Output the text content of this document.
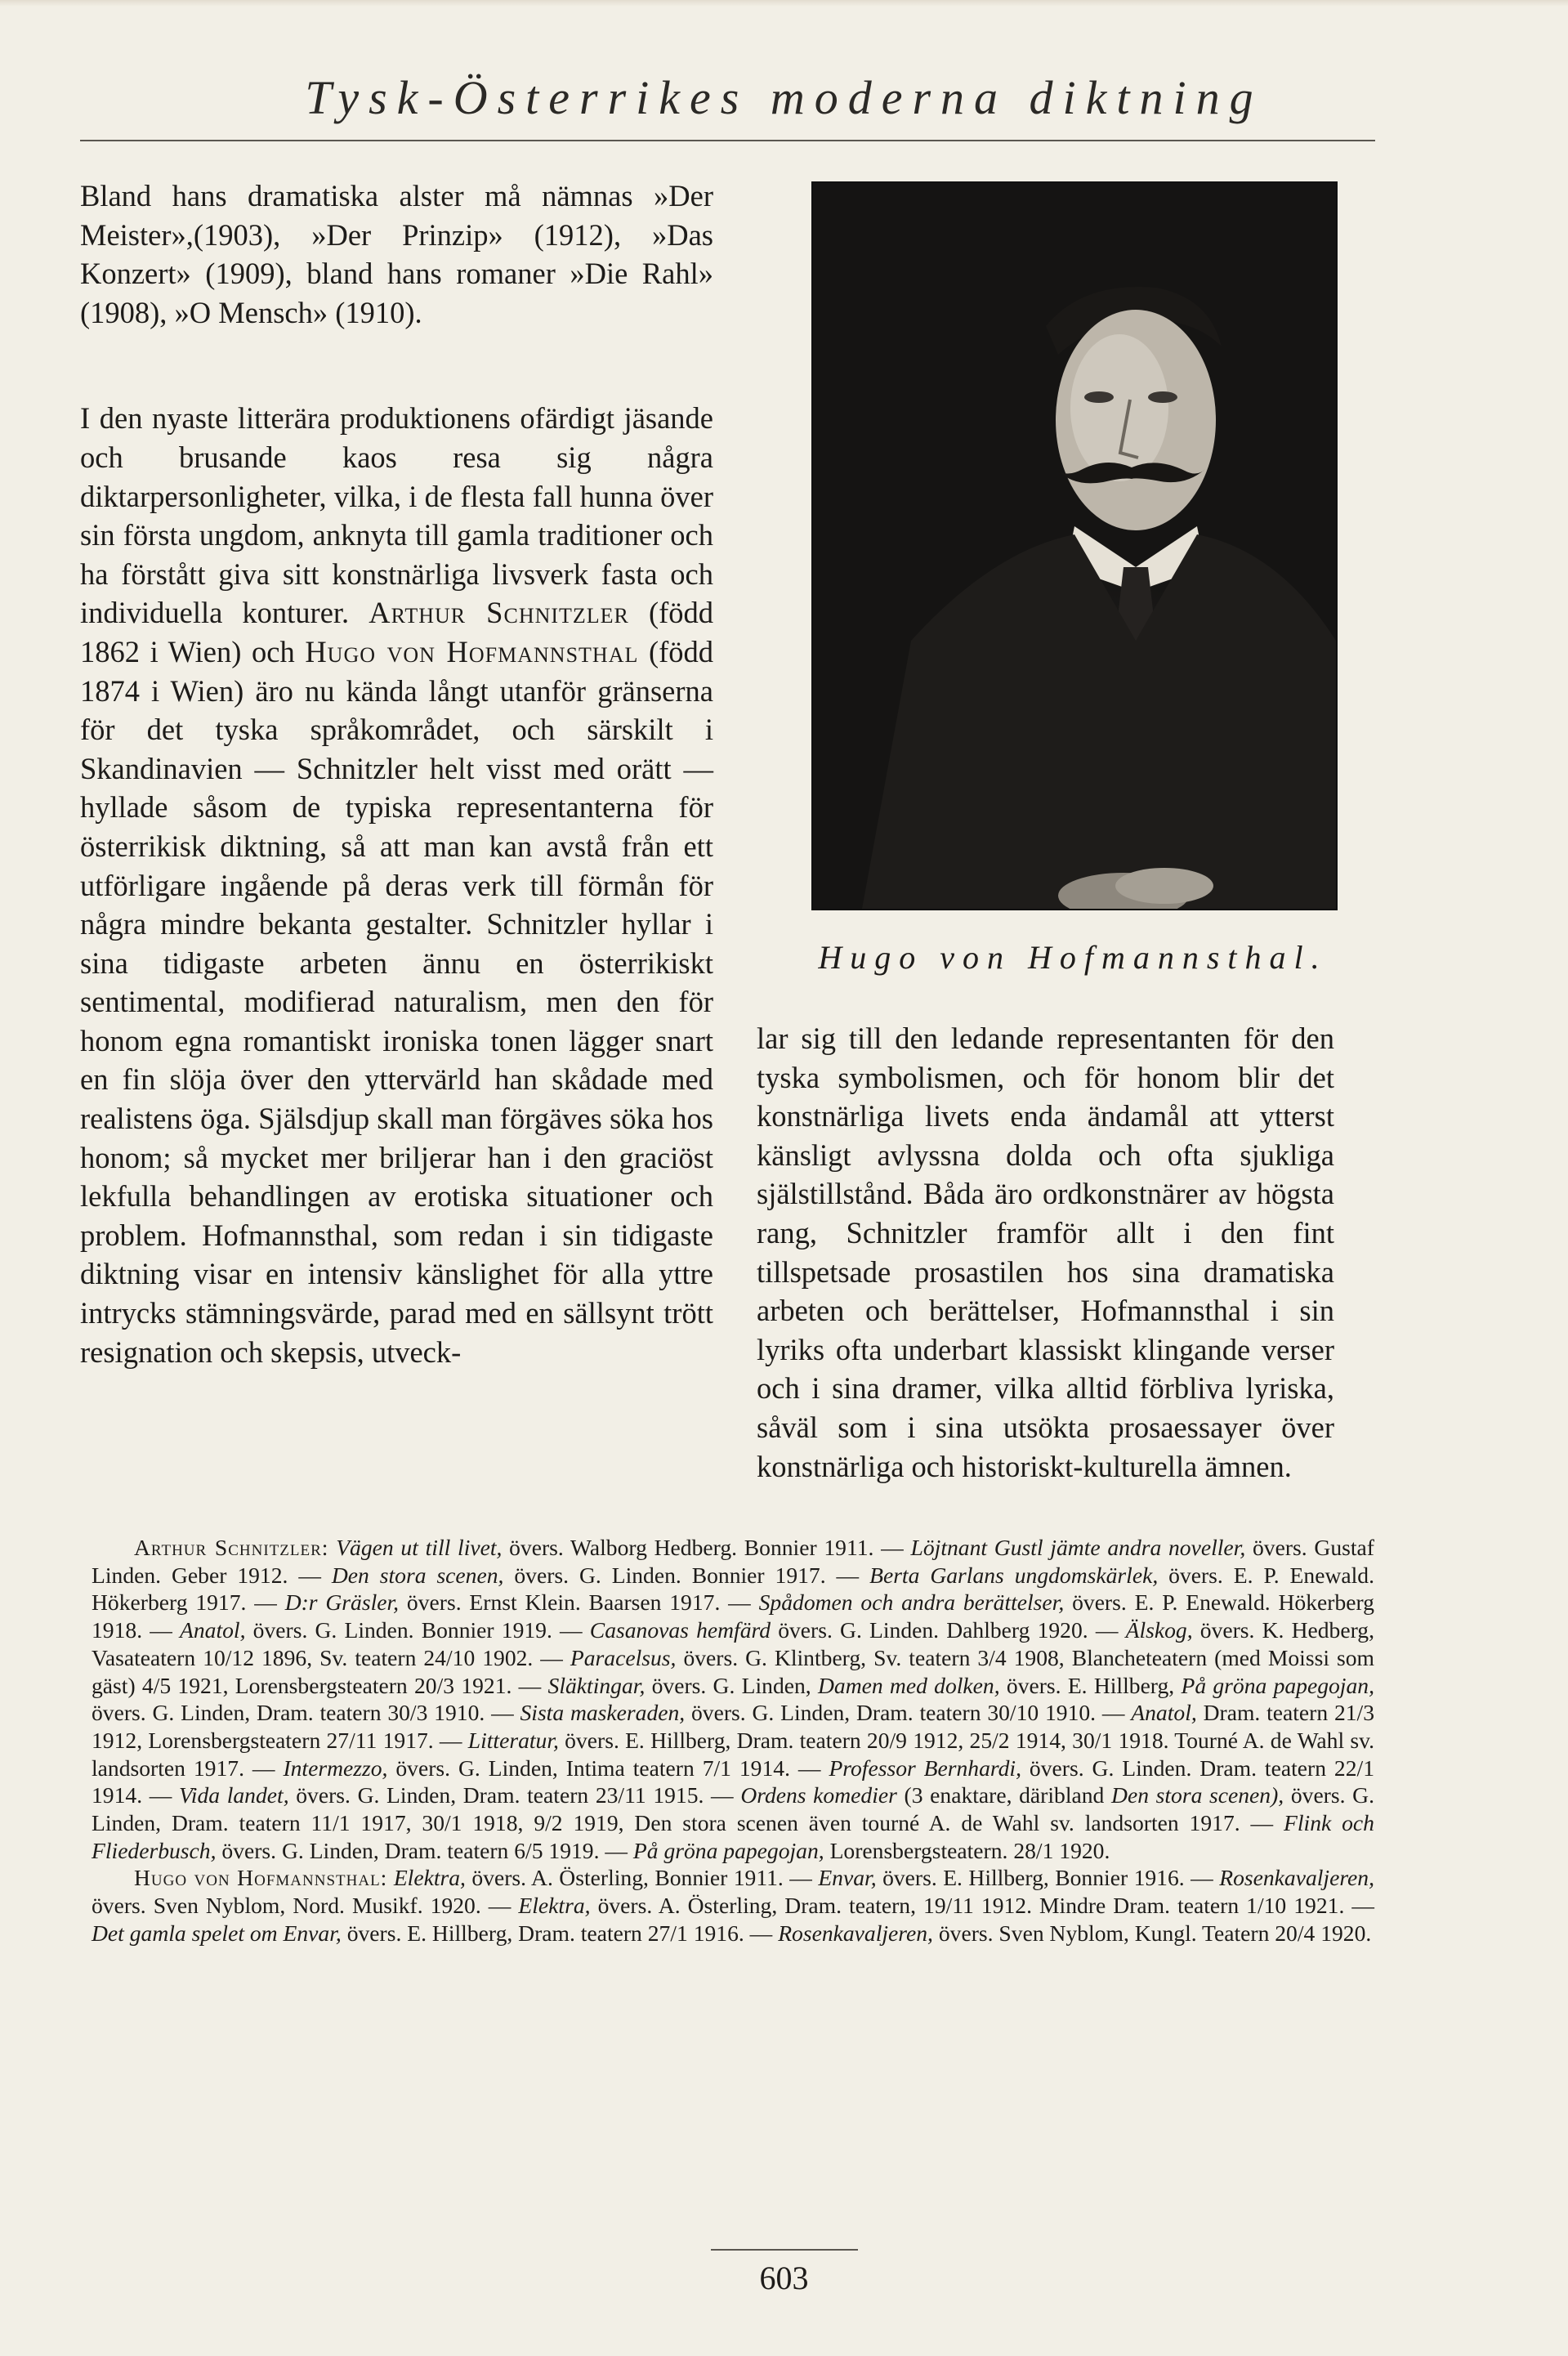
Tysk-Österrikes moderna diktning

Bland hans dramatiska alster må nämnas »Der Meister»,(1903), »Der Prinzip» (1912), »Das Konzert» (1909), bland hans romaner »Die Rahl» (1908), »O Mensch» (1910).

I den nyaste litterära produktionens ofärdigt jäsande och brusande kaos resa sig några diktarpersonligheter, vilka, i de flesta fall hunna över sin första ungdom, anknyta till gamla traditioner och ha förstått giva sitt konstnärliga livsverk fasta och individuella konturer. Arthur Schnitzler (född 1862 i Wien) och Hugo von Hofmannsthal (född 1874 i Wien) äro nu kända långt utanför gränserna för det tyska språkområdet, och särskilt i Skandinavien — Schnitzler helt visst med orätt — hyllade såsom de typiska representanterna för österrikisk diktning, så att man kan avstå från ett utförligare ingående på deras verk till förmån för några mindre bekanta gestalter. Schnitzler hyllar i sina tidigaste arbeten ännu en österrikiskt sentimental, modifierad naturalism, men den för honom egna romantiskt ironiska tonen lägger snart en fin slöja över den yttervärld han skådade med realistens öga. Själsdjup skall man förgäves söka hos honom; så mycket mer briljerar han i den graciöst lekfulla behandlingen av erotiska situationer och problem. Hofmannsthal, som redan i sin tidigaste diktning visar en intensiv känslighet för alla yttre intrycks stämningsvärde, parad med en sällsynt trött resignation och skepsis, utveck-

Hugo von Hofmannsthal.

lar sig till den ledande representanten för den tyska symbolismen, och för honom blir det konstnärliga livets enda ändamål att ytterst känsligt avlyssna dolda och ofta sjukliga själstillstånd. Båda äro ordkonstnärer av högsta rang, Schnitzler framför allt i den fint tillspetsade prosastilen hos sina dramatiska arbeten och berättelser, Hofmannsthal i sin lyriks ofta underbart klassiskt klingande verser och i sina dramer, vilka alltid förbliva lyriska, såväl som i sina utsökta prosaessayer över konstnärliga och historiskt-kulturella ämnen.

Arthur Schnitzler: Vägen ut till livet, övers. Walborg Hedberg. Bonnier 1911. — Löjtnant Gustl jämte andra noveller, övers. Gustaf Linden. Geber 1912. — Den stora scenen, övers. G. Linden. Bonnier 1917. — Berta Garlans ungdomskärlek, övers. E. P. Enewald. Hökerberg 1917. — D:r Gräsler, övers. Ernst Klein. Baarsen 1917. — Spådomen och andra berättelser, övers. E. P. Enewald. Hökerberg 1918. — Anatol, övers. G. Linden. Bonnier 1919. — Casanovas hemfärd övers. G. Linden. Dahlberg 1920. — Älskog, övers. K. Hedberg, Vasateatern 10/12 1896, Sv. teatern 24/10 1902. — Paracelsus, övers. G. Klintberg, Sv. teatern 3/4 1908, Blancheteatern (med Moissi som gäst) 4/5 1921, Lorensbergsteatern 20/3 1921. — Släktingar, övers. G. Linden, Damen med dolken, övers. E. Hillberg, På gröna papegojan, övers. G. Linden, Dram. teatern 30/3 1910. — Sista maskeraden, övers. G. Linden, Dram. teatern 30/10 1910. — Anatol, Dram. teatern 21/3 1912, Lorensbergsteatern 27/11 1917. — Litteratur, övers. E. Hillberg, Dram. teatern 20/9 1912, 25/2 1914, 30/1 1918. Tourné A. de Wahl sv. landsorten 1917. — Intermezzo, övers. G. Linden, Intima teatern 7/1 1914. — Professor Bernhardi, övers. G. Linden. Dram. teatern 22/1 1914. — Vida landet, övers. G. Linden, Dram. teatern 23/11 1915. — Ordens komedier (3 enaktare, däribland Den stora scenen), övers. G. Linden, Dram. teatern 11/1 1917, 30/1 1918, 9/2 1919, Den stora scenen även tourné A. de Wahl sv. landsorten 1917. — Flink och Fliederbusch, övers. G. Linden, Dram. teatern 6/5 1919. — På gröna papegojan, Lorensbergsteatern. 28/1 1920.

Hugo von Hofmannsthal: Elektra, övers. A. Österling, Bonnier 1911. — Envar, övers. E. Hillberg, Bonnier 1916. — Rosenkavaljeren, övers. Sven Nyblom, Nord. Musikf. 1920. — Elektra, övers. A. Österling, Dram. teatern, 19/11 1912. Mindre Dram. teatern 1/10 1921. — Det gamla spelet om Envar, övers. E. Hillberg, Dram. teatern 27/1 1916. — Rosenkavaljeren, övers. Sven Nyblom, Kungl. Teatern 20/4 1920.

603
